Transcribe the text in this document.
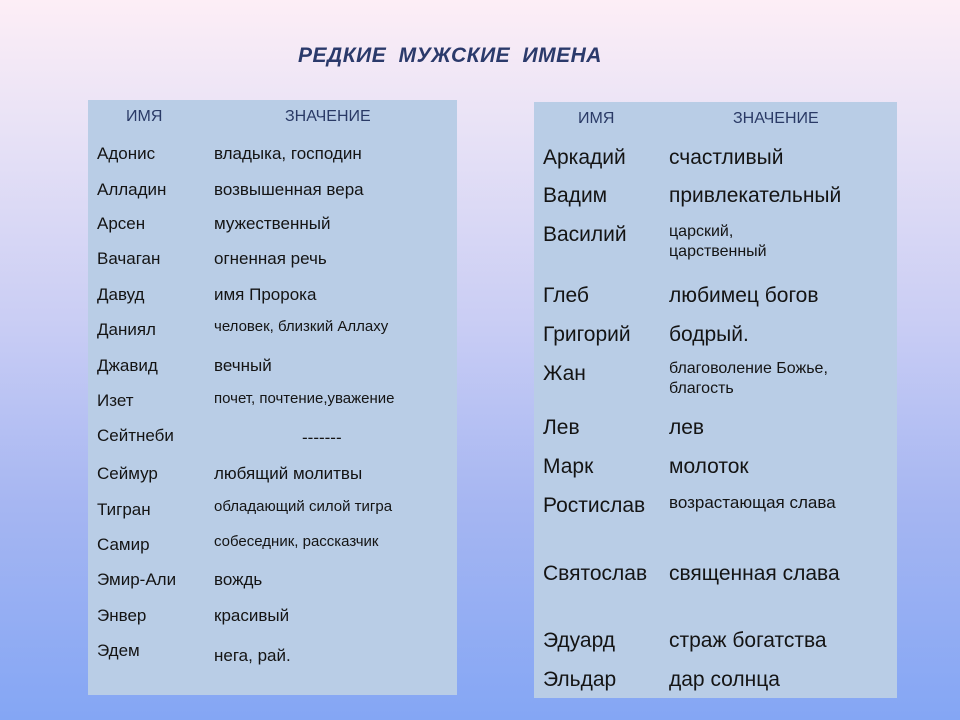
РЕДКИЕ МУЖСКИЕ ИМЕНА
ИМЯ	ЗНАЧЕНИЕ
Адонис	владыка, господин
Алладин	возвышенная вера
Арсен	мужественный
Вачаган	огненная речь
Давуд	имя Пророка
Даниял	человек, близкий Аллаху
Джавид	вечный
Изет	почет, почтение,уважение
Сейтнеби	-------
Сеймур	любящий молитвы
Тигран	обладающий силой тигра
Самир	собеседник, рассказчик
Эмир-Али вождь
Энвер	красивый
Эдем	нега, рай.
ИМЯ	ЗНАЧЕНИЕ
Аркадий счастливый
Вадим	привлекательный
Василий	царский, царственный
Глеб	любимец богов
Григорий бодрый.
Жан	благоволение Божье, благость
Лев	лев
Марк	молоток
Ростислав	возрастающая слава
Святослав	священная слава
Эдуард	страж богатства
Эльдар	дар солнца
